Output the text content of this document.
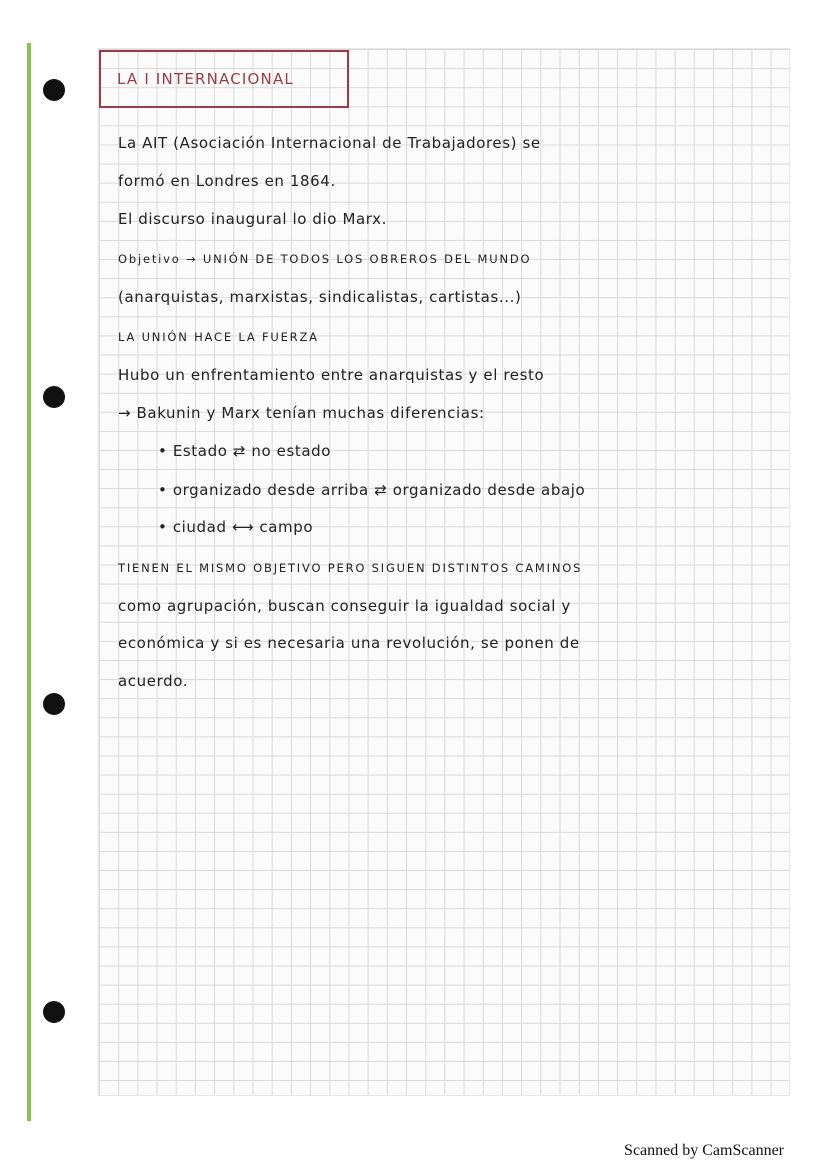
LA I INTERNACIONAL
La AIT (Asociación Internacional de Trabajadores) se
formó en Londres en 1864.
El discurso inaugural lo dio Marx.
Objetivo → UNIÓN DE TODOS LOS OBREROS DEL MUNDO
(anarquistas, marxistas, sindicalistas, cartistas...)
LA UNIÓN HACE LA FUERZA
Hubo un enfrentamiento entre anarquistas y el resto
→ Bakunin y Marx tenían muchas diferencias:
• Estado ⇄ no estado
• organizado desde arriba ⇄ organizado desde abajo
• ciudad ⟷ campo
TIENEN EL MISMO OBJETIVO PERO SIGUEN DISTINTOS CAMINOS
como agrupación, buscan conseguir la igualdad social y
económica y si es necesaria una revolución, se ponen de
acuerdo.
Scanned by CamScanner
